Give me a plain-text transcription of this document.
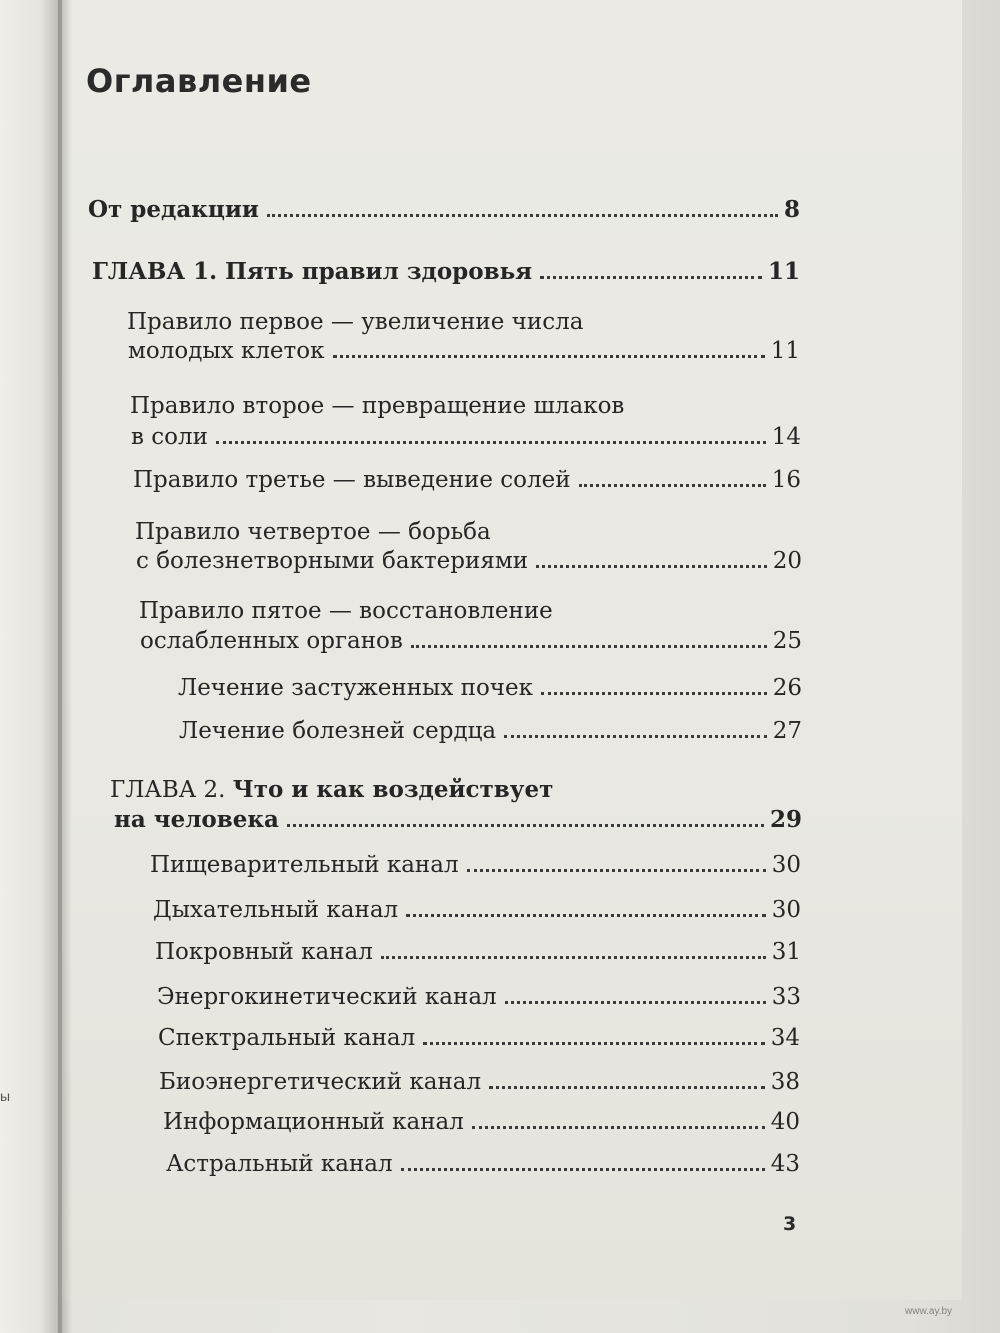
ы
Оглавление
От редакции	8
ГЛАВА 1. Пять правил здоровья	11
Правило первое — увеличение числа
молодых клеток	11
Правило второе — превращение шлаков
в соли	14
Правило третье — выведение солей	16
Правило четвертое — борьба
с болезнетворными бактериями	20
Правило пятое — восстановление
ослабленных органов	25
Лечение застуженных почек	26
Лечение болезней сердца	27
ГЛАВА 2. Что и как воздействует
на человека	29
Пищеварительный канал	30
Дыхательный канал	30
Покровный канал	31
Энергокинетический канал	33
Спектральный канал	34
Биоэнергетический канал	38
Информационный канал	40
Астральный канал	43
3
www.ay.by
